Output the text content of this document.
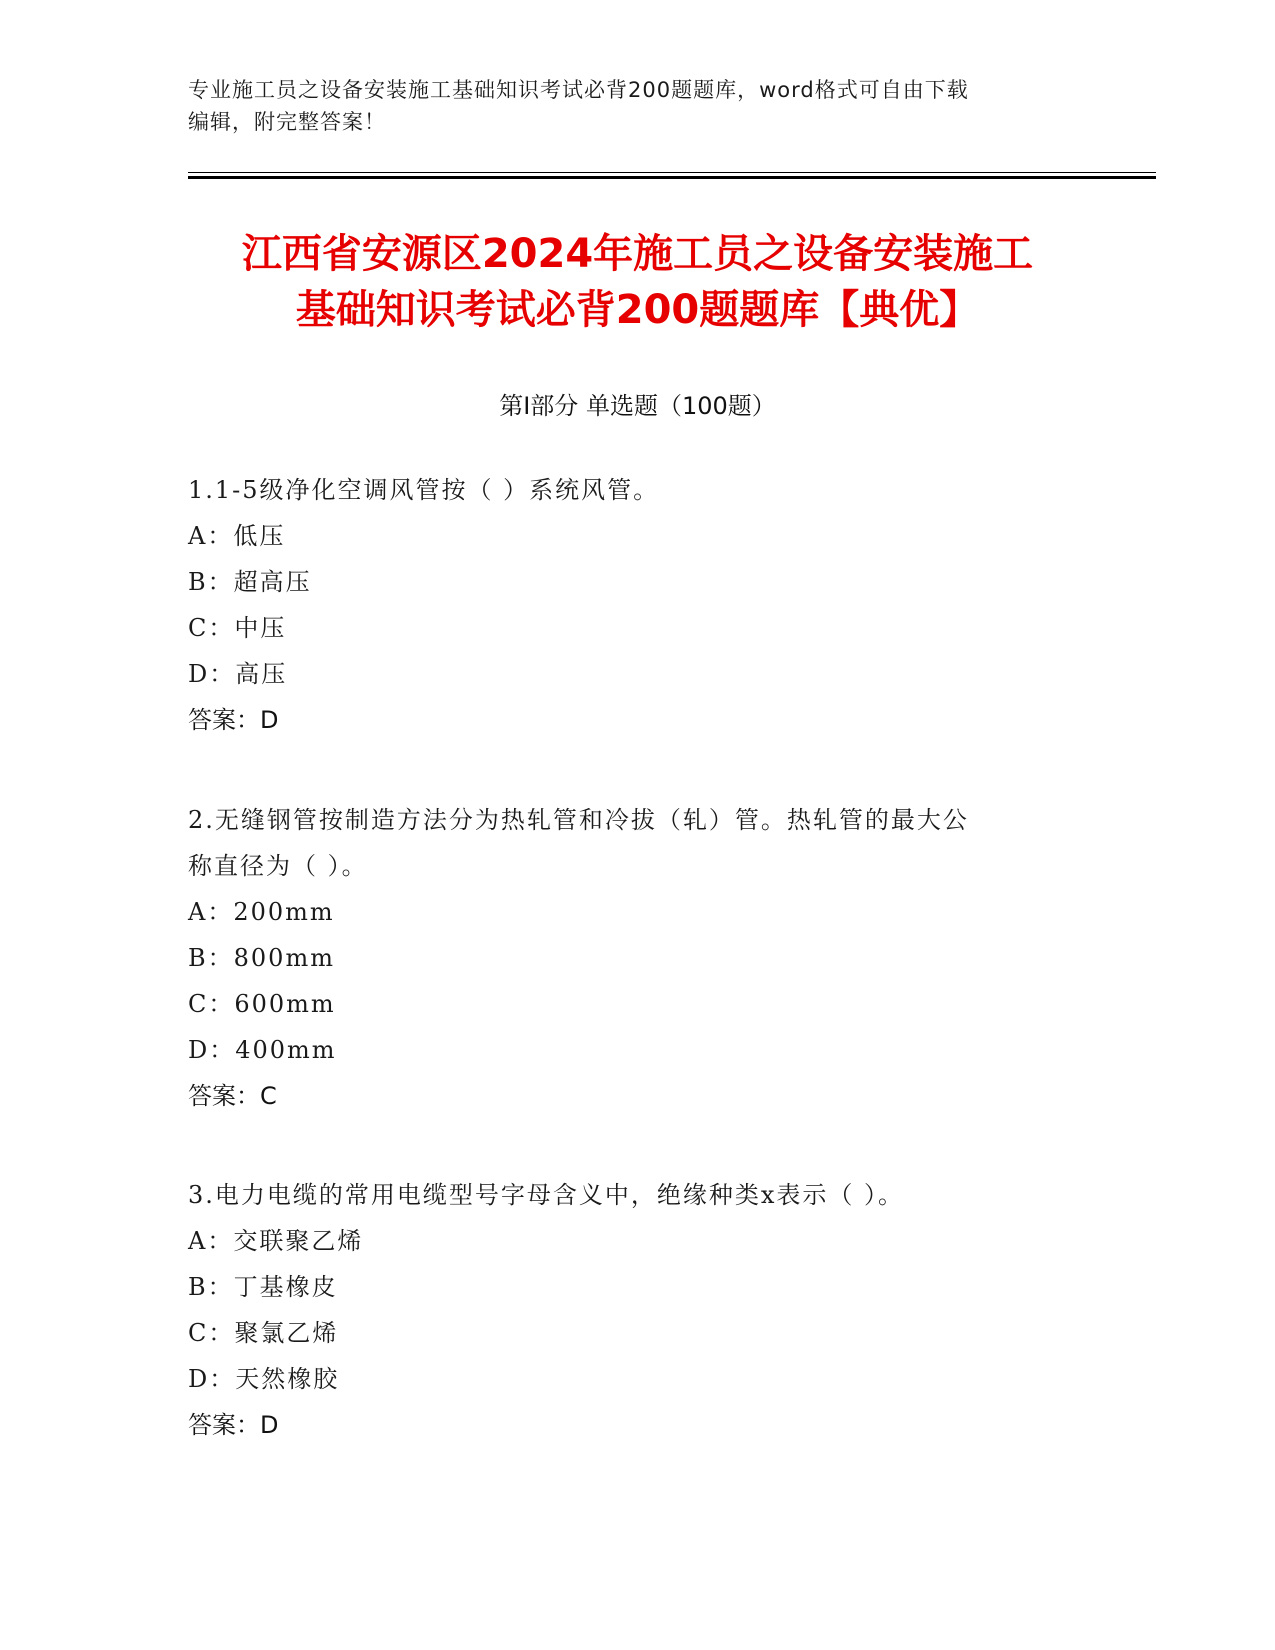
专业施工员之设备安装施工基础知识考试必背200题题库，word格式可自由下载
编辑，附完整答案！
江西省安源区2024年施工员之设备安装施工
基础知识考试必背200题题库【典优】
第Ⅰ部分 单选题（100题）
1.1-5级净化空调风管按（ ）系统风管。
A：低压
B：超高压
C：中压
D：高压
答案：D
2.无缝钢管按制造方法分为热轧管和冷拔（轧）管。热轧管的最大公
称直径为（ ）。
A：200mm
B：800mm
C：600mm
D：400mm
答案：C
3.电力电缆的常用电缆型号字母含义中，绝缘种类x表示（ ）。
A：交联聚乙烯
B：丁基橡皮
C：聚氯乙烯
D：天然橡胶
答案：D
